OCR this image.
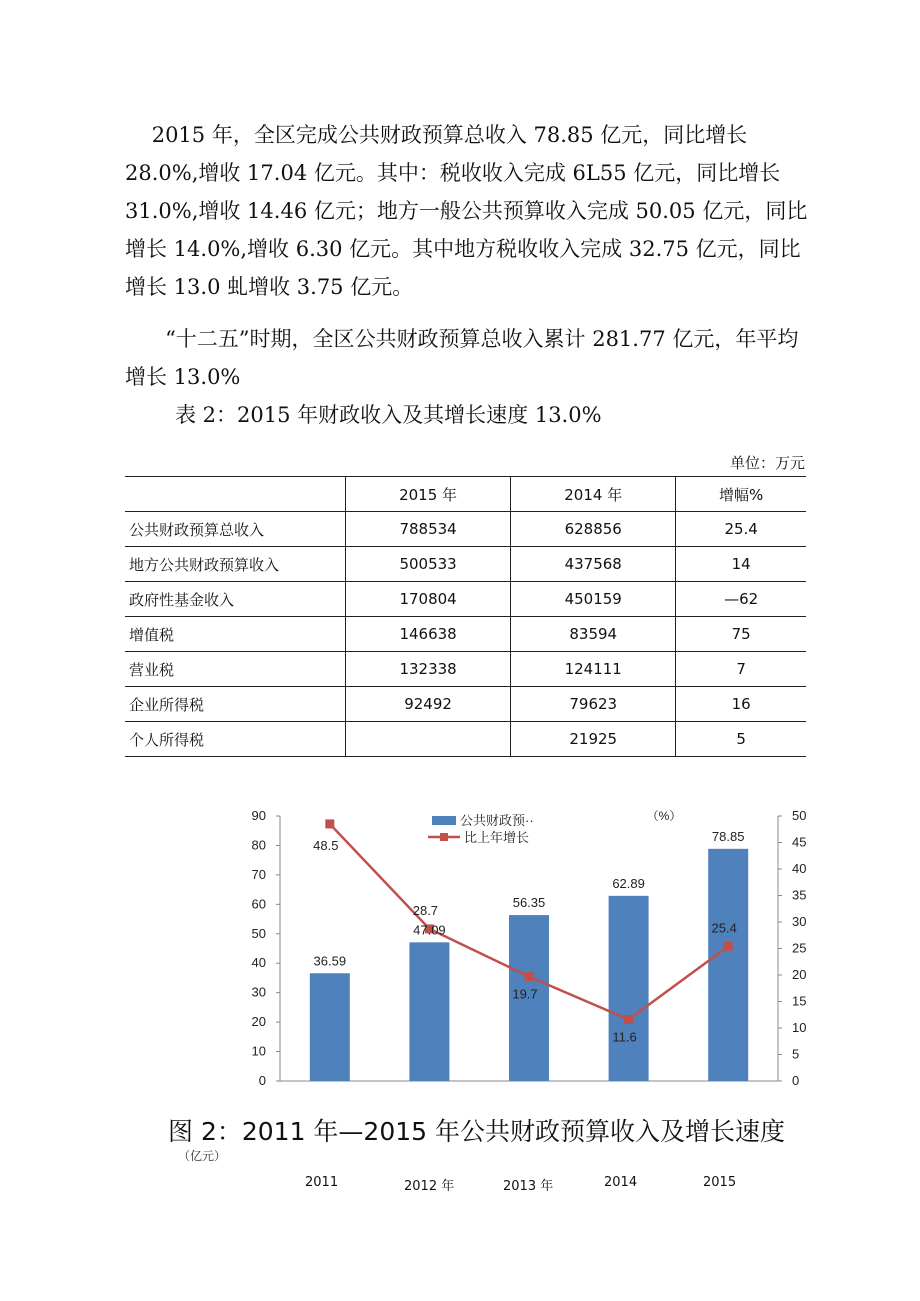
2015 年，全区完成公共财政预算总收入 78.85 亿元，同比增长 28.0%,增收 17.04 亿元。其中：税收收入完成 6L55 亿元，同比增长 31.0%,增收 14.46 亿元；地方一般公共预算收入完成 50.05 亿元，同比增长 14.0%,增收 6.30 亿元。其中地方税收收入完成 32.75 亿元，同比增长 13.0 虬增收 3.75 亿元。

“十二五”时期，全区公共财政预算总收入累计 281.77 亿元，年平均增长 13.0%

表 2：2015 年财政收入及其增长速度 13.0%
单位：万元
	2015 年	2014 年	增幅%
公共财政预算总收入	788534	628856	25.4
地方公共财政预算收入	500533	437568	14
政府性基金收入	170804	450159	—62
增值税	146638	83594	75
营业税	132338	124111	7
企业所得税	92492	79623	16
个人所得税		21925	5
0
10
20
30
40
50
60
70
80
90
0
5
10
15
20
25
30
35
40
45
50
（%）
36.59
47.09
56.35
62.89
78.85
48.5
28.7
19.7
11.6
25.4
公共财政预··
比上年增长
图 2：2011 年—2015 年公共财政预算收入及增长速度
（亿元）
2011	2012 年	2013 年	2014	2015
